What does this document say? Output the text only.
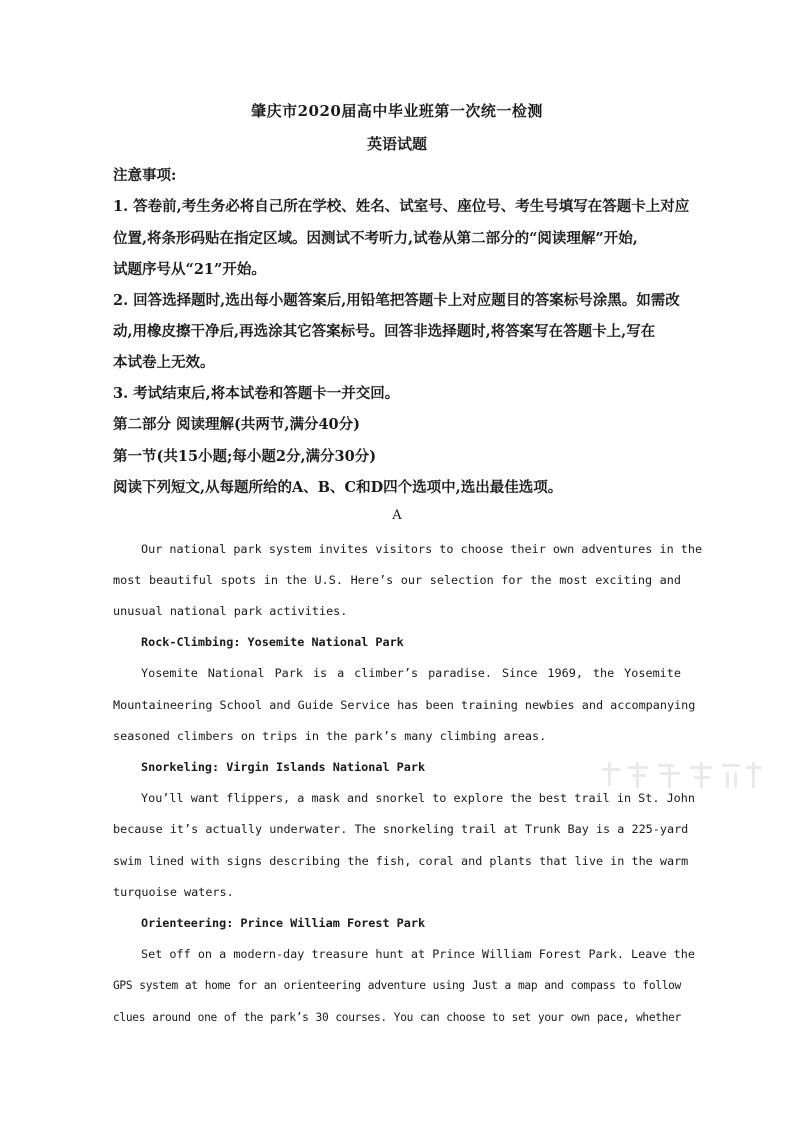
肇庆市2020届高中毕业班第一次统一检测
英语试题
注意事项:
1. 答卷前,考生务必将自己所在学校、姓名、试室号、座位号、考生号填写在答题卡上对应
位置,将条形码贴在指定区域。因测试不考听力,试卷从第二部分的“阅读理解”开始,
试题序号从“21”开始。
2. 回答选择题时,选出每小题答案后,用铅笔把答题卡上对应题目的答案标号涂黑。如需改
动,用橡皮擦干净后,再选涂其它答案标号。回答非选择题时,将答案写在答题卡上,写在
本试卷上无效。
3. 考试结束后,将本试卷和答题卡一并交回。
第二部分 阅读理解(共两节,满分40分)
第一节(共15小题;每小题2分,满分30分)
阅读下列短文,从每题所给的A、B、C和D四个选项中,选出最佳选项。
A
Our national park system invites visitors to choose their own adventures in the
most beautiful spots in the U.S. Here’s our selection for the most exciting and
unusual national park activities.
Rock-Climbing: Yosemite National Park
Yosemite National Park is a climber’s paradise. Since 1969, the Yosemite
Mountaineering School and Guide Service has been training newbies and accompanying
seasoned climbers on trips in the park’s many climbing areas.
Snorkeling: Virgin Islands National Park
You’ll want flippers, a mask and snorkel to explore the best trail in St. John
because it’s actually underwater. The snorkeling trail at Trunk Bay is a 225-yard
swim lined with signs describing the fish, coral and plants that live in the warm
turquoise waters.
Orienteering: Prince William Forest Park
Set off on a modern-day treasure hunt at Prince William Forest Park. Leave the
GPS system at home for an orienteering adventure using Just a map and compass to follow
clues around one of the park’s 30 courses. You can choose to set your own pace, whether
